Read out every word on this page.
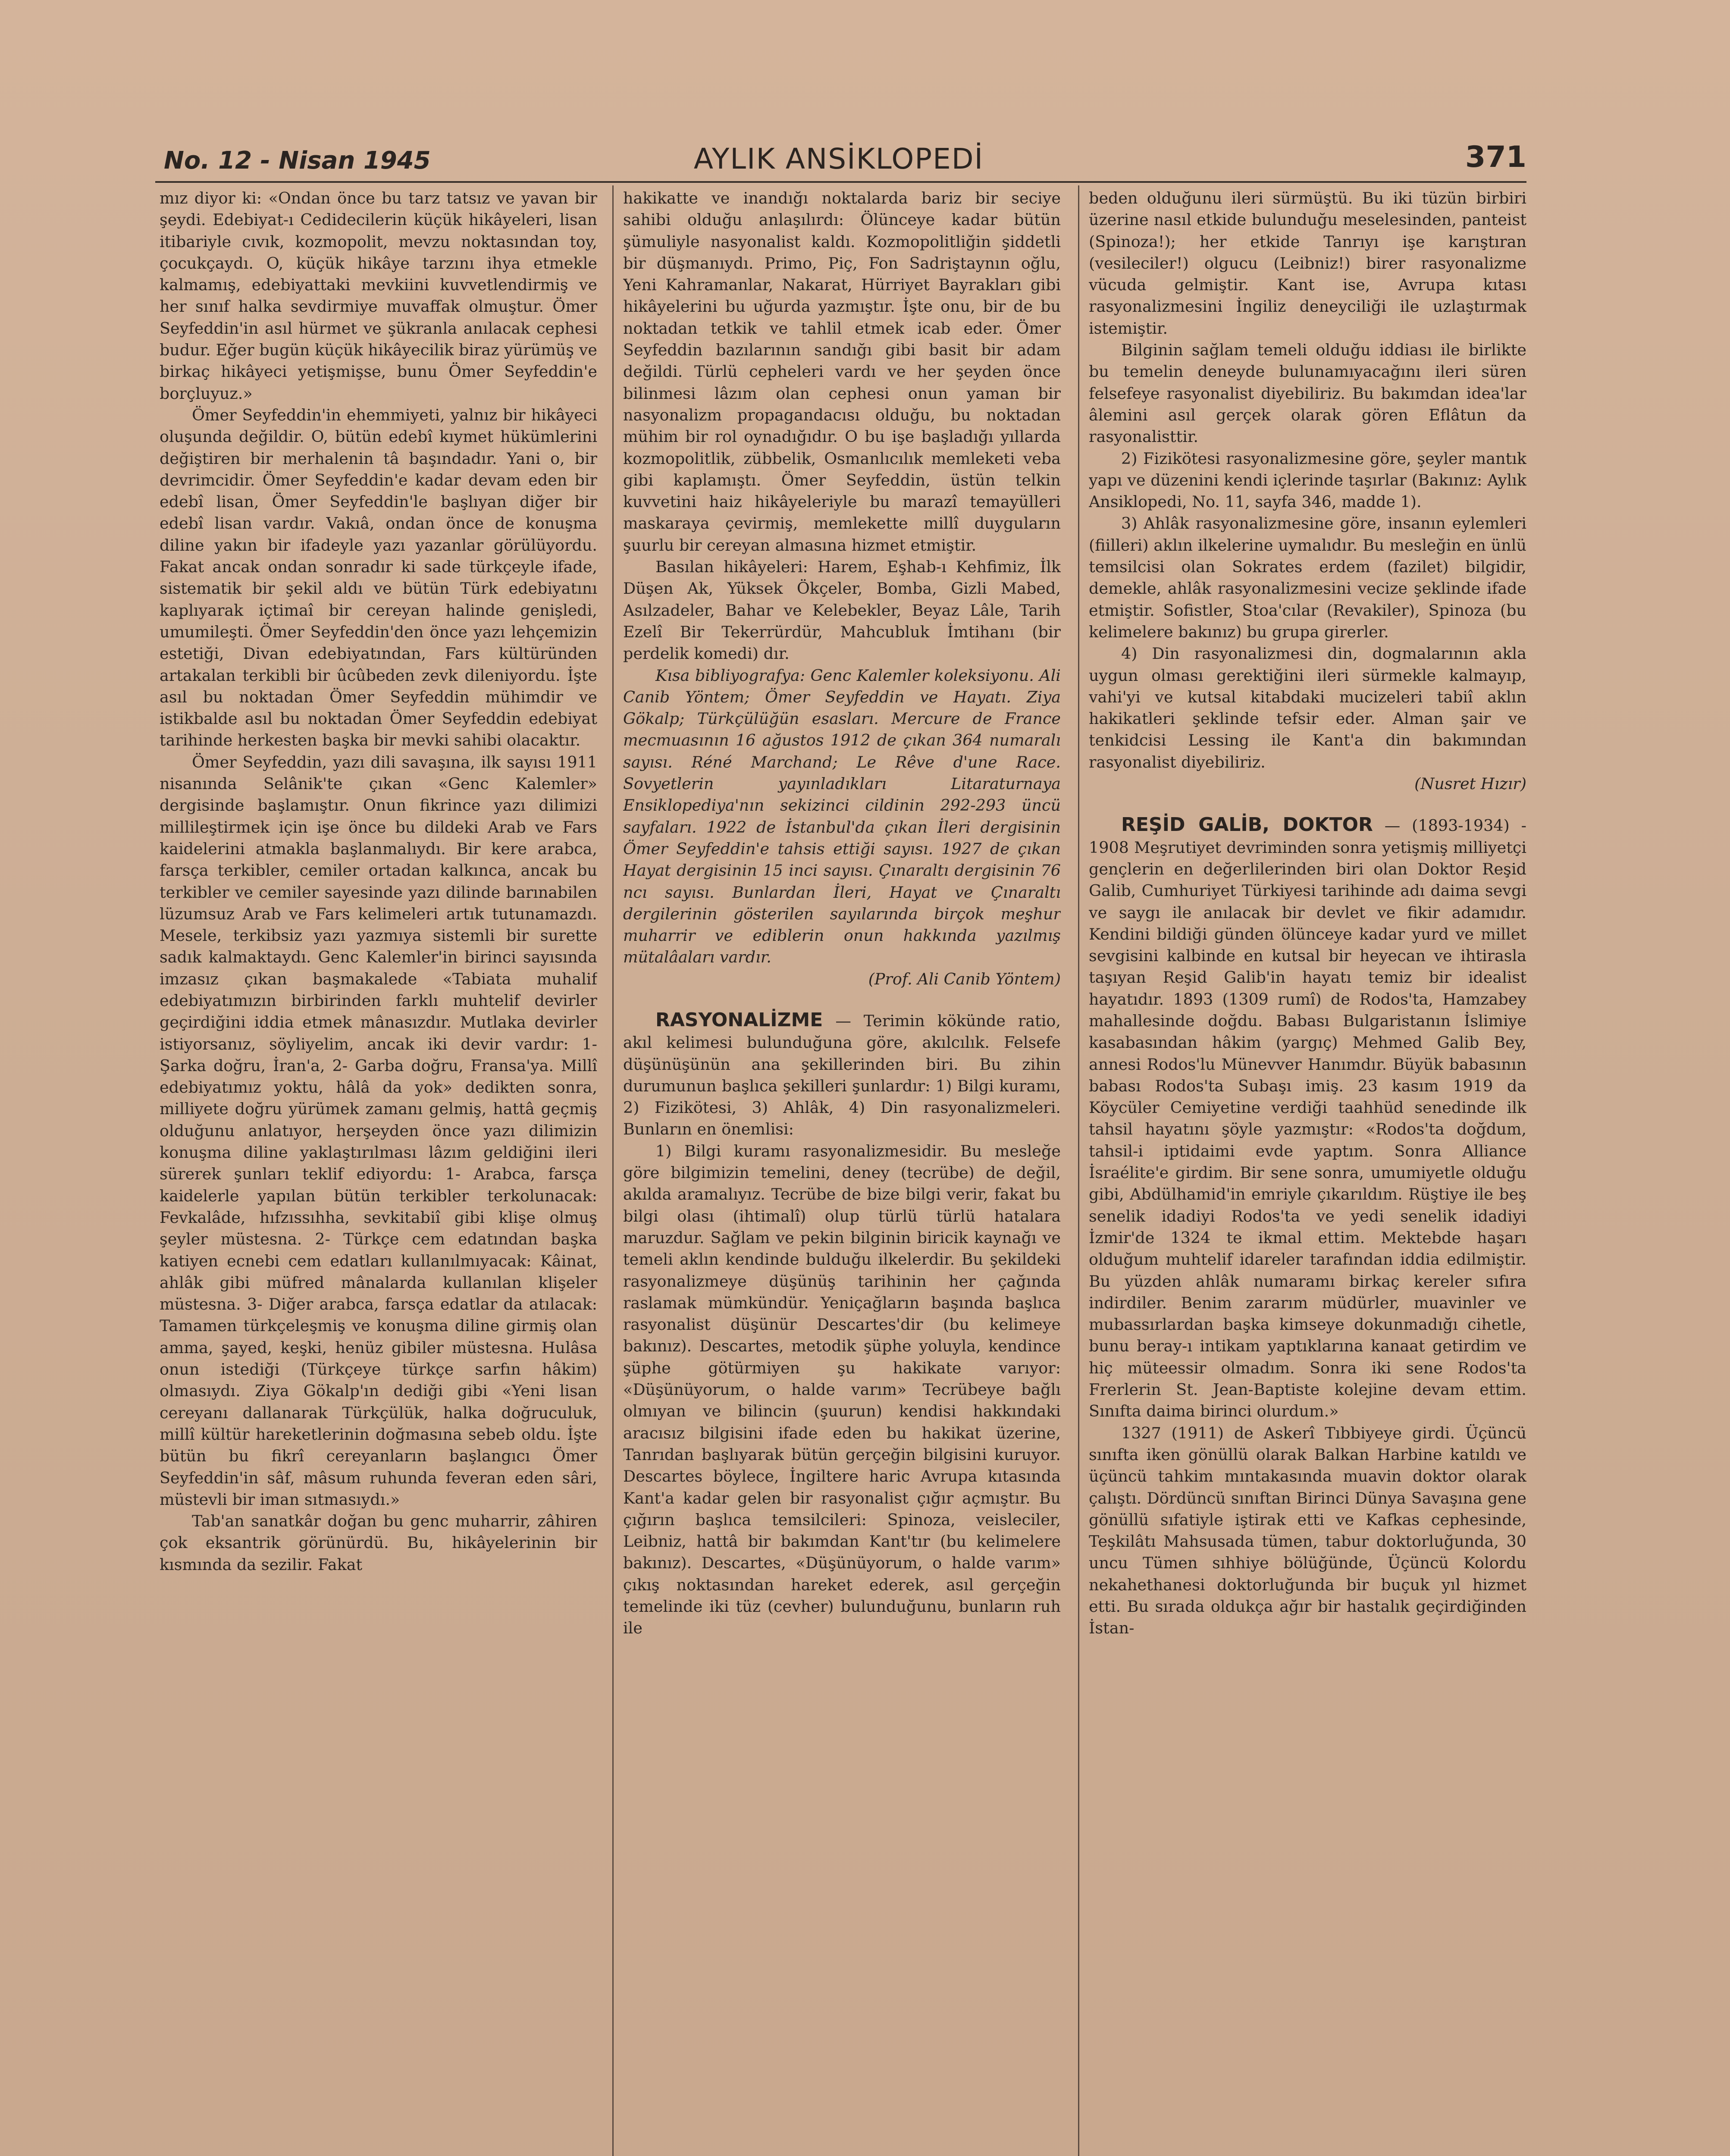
No. 12 - Nisan 1945	AYLIK ANSİKLOPEDİ	371

mız diyor ki: «Ondan önce bu tarz tatsız ve yavan bir şeydi. Edebiyat-ı Cedidecilerin küçük hikâyeleri, lisan itibariyle cıvık, kozmopolit, mevzu noktasından toy, çocukçaydı. O, küçük hikâye tarzını ihya etmekle kalmamış, edebiyattaki mevkiini kuvvetlendirmiş ve her sınıf halka sevdirmiye muvaffak olmuştur. Ömer Seyfeddin'in asıl hürmet ve şükranla anılacak cephesi budur. Eğer bugün küçük hikâyecilik biraz yürümüş ve birkaç hikâyeci yetişmişse, bunu Ömer Seyfeddin'e borçluyuz.»

Ömer Seyfeddin'in ehemmiyeti, yalnız bir hikâyeci oluşunda değildir. O, bütün edebî kıymet hükümlerini değiştiren bir merhalenin tâ başındadır. Yani o, bir devrimcidir. Ömer Seyfeddin'e kadar devam eden bir edebî lisan, Ömer Seyfeddin'le başlıyan diğer bir edebî lisan vardır. Vakıâ, ondan önce de konuşma diline yakın bir ifadeyle yazı yazanlar görülüyordu. Fakat ancak ondan sonradır ki sade türkçeyle ifade, sistematik bir şekil aldı ve bütün Türk edebiyatını kaplıyarak içtimaî bir cereyan halinde genişledi, umumileşti. Ömer Seyfeddin'den önce yazı lehçemizin estetiği, Divan edebiyatından, Fars kültüründen artakalan terkibli bir ûcûbeden zevk dileniyordu. İşte asıl bu noktadan Ömer Seyfeddin mühimdir ve istikbalde asıl bu noktadan Ömer Seyfeddin edebiyat tarihinde herkesten başka bir mevki sahibi olacaktır.

Ömer Seyfeddin, yazı dili savaşına, ilk sayısı 1911 nisanında Selânik'te çıkan «Genc Kalemler» dergisinde başlamıştır. Onun fikrince yazı dilimizi millileştirmek için işe önce bu dildeki Arab ve Fars kaidelerini atmakla başlanmalıydı. Bir kere arabca, farsça terkibler, cemiler ortadan kalkınca, ancak bu terkibler ve cemiler sayesinde yazı dilinde barınabilen lüzumsuz Arab ve Fars kelimeleri artık tutunamazdı. Mesele, terkibsiz yazı yazmıya sistemli bir surette sadık kalmaktaydı. Genc Kalemler'in birinci sayısında imzasız çıkan başmakalede «Tabiata muhalif edebiyatımızın birbirinden farklı muhtelif devirler geçirdiğini iddia etmek mânasızdır. Mutlaka devirler istiyorsanız, söyliyelim, ancak iki devir vardır: 1- Şarka doğru, İran'a, 2- Garba doğru, Fransa'ya. Millî edebiyatımız yoktu, hâlâ da yok» dedikten sonra, milliyete doğru yürümek zamanı gelmiş, hattâ geçmiş olduğunu anlatıyor, herşeyden önce yazı dilimizin konuşma diline yaklaştırılması lâzım geldiğini ileri sürerek şunları teklif ediyordu: 1- Arabca, farsça kaidelerle yapılan bütün terkibler terkolunacak: Fevkalâde, hıfzıssıhha, sevkitabiî gibi klişe olmuş şeyler müstesna. 2- Türkçe cem edatından başka katiyen ecnebi cem edatları kullanılmıyacak: Kâinat, ahlâk gibi müfred mânalarda kullanılan klişeler müstesna. 3- Diğer arabca, farsça edatlar da atılacak: Tamamen türkçeleşmiş ve konuşma diline girmiş olan amma, şayed, keşki, henüz gibiler müstesna. Hulâsa onun istediği (Türkçeye türkçe sarfın hâkim) olmasıydı. Ziya Gökalp'ın dediği gibi «Yeni lisan cereyanı dallanarak Türkçülük, halka doğruculuk, millî kültür hareketlerinin doğmasına sebeb oldu. İşte bütün bu fikrî cereyanların başlangıcı Ömer Seyfeddin'in sâf, mâsum ruhunda feveran eden sâri, müstevli bir iman sıtmasıydı.»

Tab'an sanatkâr doğan bu genc muharrir, zâhiren çok eksantrik görünürdü. Bu, hikâyelerinin bir kısmında da sezilir. Fakat

hakikatte ve inandığı noktalarda bariz bir seciye sahibi olduğu anlaşılırdı: Ölünceye kadar bütün şümuliyle nasyonalist kaldı. Kozmopolitliğin şiddetli bir düşmanıydı. Primo, Piç, Fon Sadriştaynın oğlu, Yeni Kahramanlar, Nakarat, Hürriyet Bayrakları gibi hikâyelerini bu uğurda yazmıştır. İşte onu, bir de bu noktadan tetkik ve tahlil etmek icab eder. Ömer Seyfeddin bazılarının sandığı gibi basit bir adam değildi. Türlü cepheleri vardı ve her şeyden önce bilinmesi lâzım olan cephesi onun yaman bir nasyonalizm propagandacısı olduğu, bu noktadan mühim bir rol oynadığıdır. O bu işe başladığı yıllarda kozmopolitlik, zübbelik, Osmanlıcılık memleketi veba gibi kaplamıştı. Ömer Seyfeddin, üstün telkin kuvvetini haiz hikâyeleriyle bu marazî temayülleri maskaraya çevirmiş, memlekette millî duyguların şuurlu bir cereyan almasına hizmet etmiştir.

Basılan hikâyeleri: Harem, Eşhab-ı Kehfimiz, İlk Düşen Ak, Yüksek Ökçeler, Bomba, Gizli Mabed, Asılzadeler, Bahar ve Kelebekler, Beyaz Lâle, Tarih Ezelî Bir Tekerrürdür, Mahcubluk İmtihanı (bir perdelik komedi) dır.

Kısa bibliyografya: Genc Kalemler koleksiyonu. Ali Canib Yöntem; Ömer Seyfeddin ve Hayatı. Ziya Gökalp; Türkçülüğün esasları. Mercure de France mecmuasının 16 ağustos 1912 de çıkan 364 numaralı sayısı. Réné Marchand; Le Rêve d'une Race. Sovyetlerin yayınladıkları Litaraturnaya Ensiklopediya'nın sekizinci cildinin 292-293 üncü sayfaları. 1922 de İstanbul'da çıkan İleri dergisinin Ömer Seyfeddin'e tahsis ettiği sayısı. 1927 de çıkan Hayat dergisinin 15 inci sayısı. Çınaraltı dergisinin 76 ncı sayısı. Bunlardan İleri, Hayat ve Çınaraltı dergilerinin gösterilen sayılarında birçok meşhur muharrir ve ediblerin onun hakkında yazılmış mütalâaları vardır.

(Prof. Ali Canib Yöntem)

RASYONALİZME — Terimin kökünde ratio, akıl kelimesi bulunduğuna göre, akılcılık. Felsefe düşünüşünün ana şekillerinden biri. Bu zihin durumunun başlıca şekilleri şunlardır: 1) Bilgi kuramı, 2) Fizikötesi, 3) Ahlâk, 4) Din rasyonalizmeleri. Bunların en önemlisi:

1) Bilgi kuramı rasyonalizmesidir. Bu mesleğe göre bilgimizin temelini, deney (tecrübe) de değil, akılda aramalıyız. Tecrübe de bize bilgi verir, fakat bu bilgi olası (ihtimalî) olup türlü türlü hatalara maruzdur. Sağlam ve pekin bilginin biricik kaynağı ve temeli aklın kendinde bulduğu ilkelerdir. Bu şekildeki rasyonalizmeye düşünüş tarihinin her çağında raslamak mümkündür. Yeniçağların başında başlıca rasyonalist düşünür Descartes'dir (bu kelimeye bakınız). Descartes, metodik şüphe yoluyla, kendince şüphe götürmiyen şu hakikate varıyor: «Düşünüyorum, o halde varım» Tecrübeye bağlı olmıyan ve bilincin (şuurun) kendisi hakkındaki aracısız bilgisini ifade eden bu hakikat üzerine, Tanrıdan başlıyarak bütün gerçeğin bilgisini kuruyor. Descartes böylece, İngiltere haric Avrupa kıtasında Kant'a kadar gelen bir rasyonalist çığır açmıştır. Bu çığırın başlıca temsilcileri: Spinoza, veisleciler, Leibniz, hattâ bir bakımdan Kant'tır (bu kelimelere bakınız). Descartes, «Düşünüyorum, o halde varım» çıkış noktasından hareket ederek, asıl gerçeğin temelinde iki tüz (cevher) bulunduğunu, bunların ruh ile

beden olduğunu ileri sürmüştü. Bu iki tüzün birbiri üzerine nasıl etkide bulunduğu meselesinden, panteist (Spinoza!); her etkide Tanrıyı işe karıştıran (vesileciler!) olgucu (Leibniz!) birer rasyonalizme vücuda gelmiştir. Kant ise, Avrupa kıtası rasyonalizmesini İngiliz deneyciliği ile uzlaştırmak istemiştir.

Bilginin sağlam temeli olduğu iddiası ile birlikte bu temelin deneyde bulunamıyacağını ileri süren felsefeye rasyonalist diyebiliriz. Bu bakımdan idea'lar âlemini asıl gerçek olarak gören Eflâtun da rasyonalisttir.

2) Fizikötesi rasyonalizmesine göre, şeyler mantık yapı ve düzenini kendi içlerinde taşırlar (Bakınız: Aylık Ansiklopedi, No. 11, sayfa 346, madde 1).

3) Ahlâk rasyonalizmesine göre, insanın eylemleri (fiilleri) aklın ilkelerine uymalıdır. Bu mesleğin en ünlü temsilcisi olan Sokrates erdem (fazilet) bilgidir, demekle, ahlâk rasyonalizmesini vecize şeklinde ifade etmiştir. Sofistler, Stoa'cılar (Revakiler), Spinoza (bu kelimelere bakınız) bu grupa girerler.

4) Din rasyonalizmesi din, dogmalarının akla uygun olması gerektiğini ileri sürmekle kalmayıp, vahi'yi ve kutsal kitabdaki mucizeleri tabiî aklın hakikatleri şeklinde tefsir eder. Alman şair ve tenkidcisi Lessing ile Kant'a din bakımından rasyonalist diyebiliriz.

(Nusret Hızır)

REŞİD GALİB, DOKTOR — (1893-1934) - 1908 Meşrutiyet devriminden sonra yetişmiş milliyetçi gençlerin en değerlilerinden biri olan Doktor Reşid Galib, Cumhuriyet Türkiyesi tarihinde adı daima sevgi ve saygı ile anılacak bir devlet ve fikir adamıdır. Kendini bildiği günden ölünceye kadar yurd ve millet sevgisini kalbinde en kutsal bir heyecan ve ihtirasla taşıyan Reşid Galib'in hayatı temiz bir idealist hayatıdır. 1893 (1309 rumî) de Rodos'ta, Hamzabey mahallesinde doğdu. Babası Bulgaristanın İslimiye kasabasından hâkim (yargıç) Mehmed Galib Bey, annesi Rodos'lu Münevver Hanımdır. Büyük babasının babası Rodos'ta Subaşı imiş. 23 kasım 1919 da Köycüler Cemiyetine verdiği taahhüd senedinde ilk tahsil hayatını şöyle yazmıştır: «Rodos'ta doğdum, tahsil-i iptidaimi evde yaptım. Sonra Alliance İsraélite'e girdim. Bir sene sonra, umumiyetle olduğu gibi, Abdülhamid'in emriyle çıkarıldım. Rüştiye ile beş senelik idadiyi Rodos'ta ve yedi senelik idadiyi İzmir'de 1324 te ikmal ettim. Mektebde haşarı olduğum muhtelif idareler tarafından iddia edilmiştir. Bu yüzden ahlâk numaramı birkaç kereler sıfıra indirdiler. Benim zararım müdürler, muavinler ve mubassırlardan başka kimseye dokunmadığı cihetle, bunu beray-ı intikam yaptıklarına kanaat getirdim ve hiç müteessir olmadım. Sonra iki sene Rodos'ta Frerlerin St. Jean-Baptiste kolejine devam ettim. Sınıfta daima birinci olurdum.»

1327 (1911) de Askerî Tıbbiyeye girdi. Üçüncü sınıfta iken gönüllü olarak Balkan Harbine katıldı ve üçüncü tahkim mıntakasında muavin doktor olarak çalıştı. Dördüncü sınıftan Birinci Dünya Savaşına gene gönüllü sıfatiyle iştirak etti ve Kafkas cephesinde, Teşkilâtı Mahsusada tümen, tabur doktorluğunda, 30 uncu Tümen sıhhiye bölüğünde, Üçüncü Kolordu nekahethanesi doktorluğunda bir buçuk yıl hizmet etti. Bu sırada oldukça ağır bir hastalık geçirdiğinden İstan-
